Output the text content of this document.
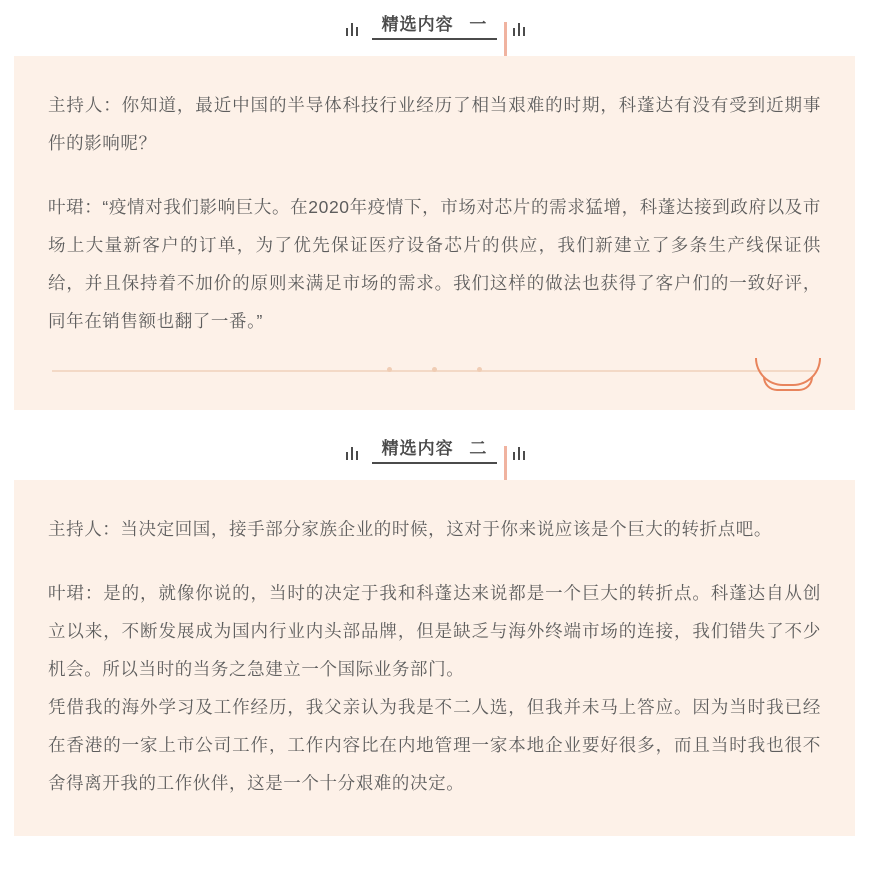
精选内容 一

主持人：你知道，最近中国的半导体科技行业经历了相当艰难的时期，科蓬达有没有受到近期事件的影响呢？

叶珺：“疫情对我们影响巨大。在2020年疫情下，市场对芯片的需求猛增，科蓬达接到政府以及市场上大量新客户的订单，为了优先保证医疗设备芯片的供应，我们新建立了多条生产线保证供给，并且保持着不加价的原则来满足市场的需求。我们这样的做法也获得了客户们的一致好评，同年在销售额也翻了一番。”

精选内容 二

主持人：当决定回国，接手部分家族企业的时候，这对于你来说应该是个巨大的转折点吧。

叶珺：是的，就像你说的，当时的决定于我和科蓬达来说都是一个巨大的转折点。科蓬达自从创立以来，不断发展成为国内行业内头部品牌，但是缺乏与海外终端市场的连接，我们错失了不少机会。所以当时的当务之急建立一个国际业务部门。

凭借我的海外学习及工作经历，我父亲认为我是不二人选，但我并未马上答应。因为当时我已经在香港的一家上市公司工作，工作内容比在内地管理一家本地企业要好很多，而且当时我也很不舍得离开我的工作伙伴，这是一个十分艰难的决定。
